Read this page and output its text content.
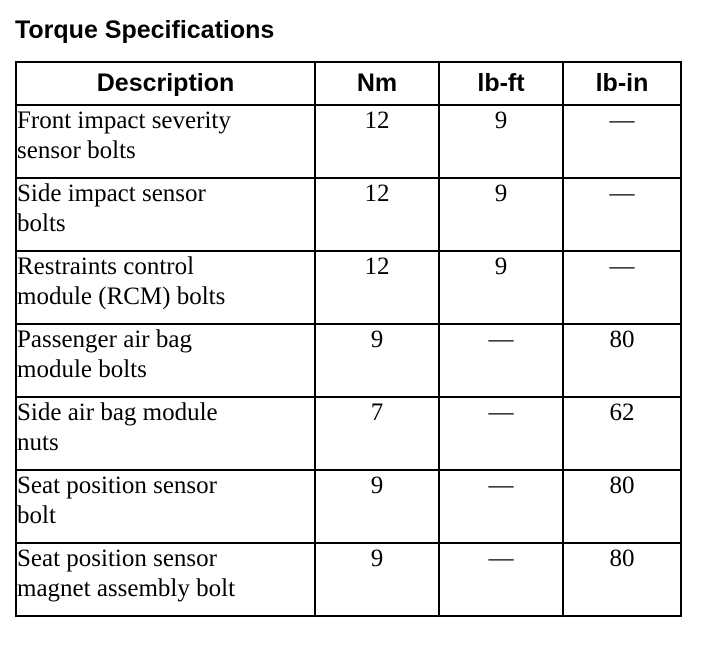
Torque Specifications
Description	Nm	lb-ft	lb-in
Front impact severity
sensor bolts	12	9	—
Side impact sensor
bolts	12	9	—
Restraints control
module (RCM) bolts	12	9	—
Passenger air bag
module bolts	9	—	80
Side air bag module
nuts	7	—	62
Seat position sensor
bolt	9	—	80
Seat position sensor
magnet assembly bolt	9	—	80
